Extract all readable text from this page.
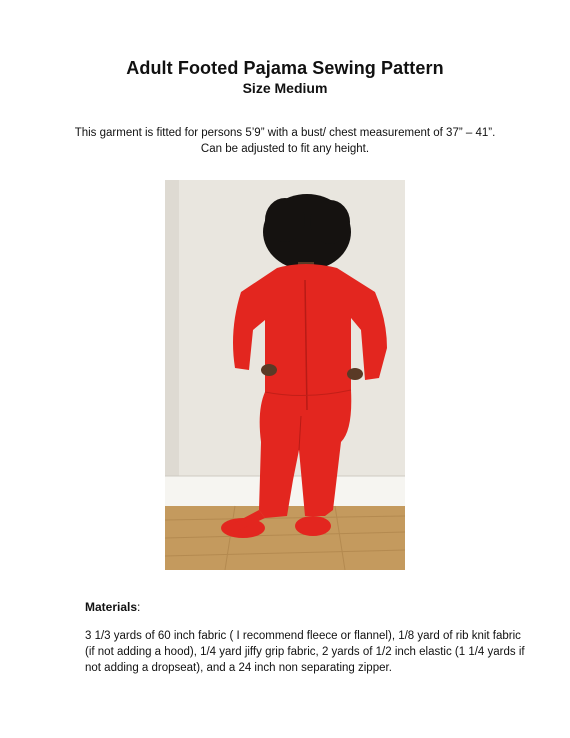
Adult Footed Pajama Sewing Pattern
Size Medium
This garment is fitted for persons 5’9” with a bust/ chest measurement of 37” – 41”.
Can be adjusted to fit any height.
Materials:
3 1/3 yards of 60 inch fabric ( I recommend fleece or flannel), 1/8 yard of rib knit fabric
(if not adding a hood), 1/4 yard jiffy grip fabric, 2 yards of 1/2 inch elastic (1 1/4 yards if
not adding a dropseat), and a 24 inch non separating zipper.
